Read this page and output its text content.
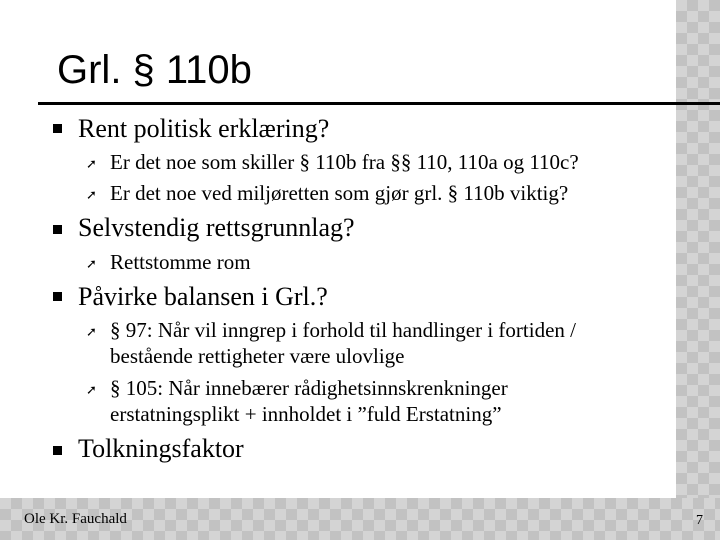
Grl. § 110b
Rent politisk erklæring?
➚ Er det noe som skiller § 110b fra §§ 110, 110a og 110c?
➚ Er det noe ved miljøretten som gjør grl. § 110b viktig?
Selvstendig rettsgrunnlag?
➚ Rettstomme rom
Påvirke balansen i Grl.?
➚ § 97: Når vil inngrep i forhold til handlinger i fortiden /
bestående rettigheter være ulovlige
➚ § 105: Når innebærer rådighetsinnskrenkninger
erstatningsplikt + innholdet i ”fuld Erstatning”
Tolkningsfaktor
Ole Kr. Fauchald	7
